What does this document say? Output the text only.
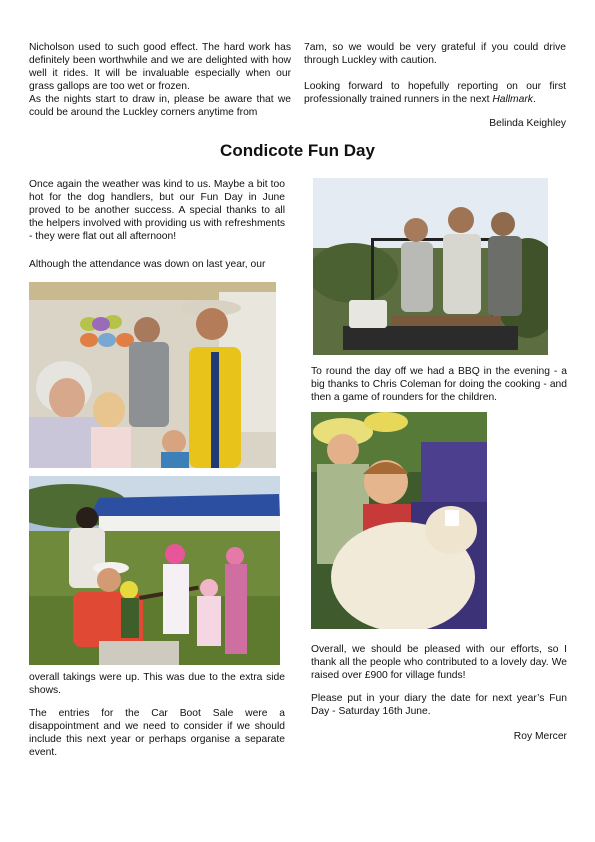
Nicholson used to such good effect. The hard work has definitely been worthwhile and we are delighted with how well it rides. It will be invaluable especially when our grass gallops are too wet or frozen.

As the nights start to draw in, please be aware that we could be around the Luckley corners anytime from

7am, so we would be very grateful if you could drive through Luckley with caution.

Looking forward to hopefully reporting on our first professionally trained runners in the next Hallmark.

Belinda Keighley

Condicote Fun Day

Once again the weather was kind to us. Maybe a bit too hot for the dog handlers, but our Fun Day in June proved to be another success. A special thanks to all the helpers involved with providing us with refreshments - they were flat out all afternoon!

Although the attendance was down on last year, our

overall takings were up. This was due to the extra side shows.

The entries for the Car Boot Sale were a disappointment and we need to consider if we should include this next year or perhaps organise a separate event.

To round the day off we had a BBQ in the evening - a big thanks to Chris Coleman for doing the cooking - and then a game of rounders for the children.

Overall, we should be pleased with our efforts, so I thank all the people who contributed to a lovely day. We raised over £900 for village funds!

Please put in your diary the date for next year’s Fun Day - Saturday 16th June.

Roy Mercer
